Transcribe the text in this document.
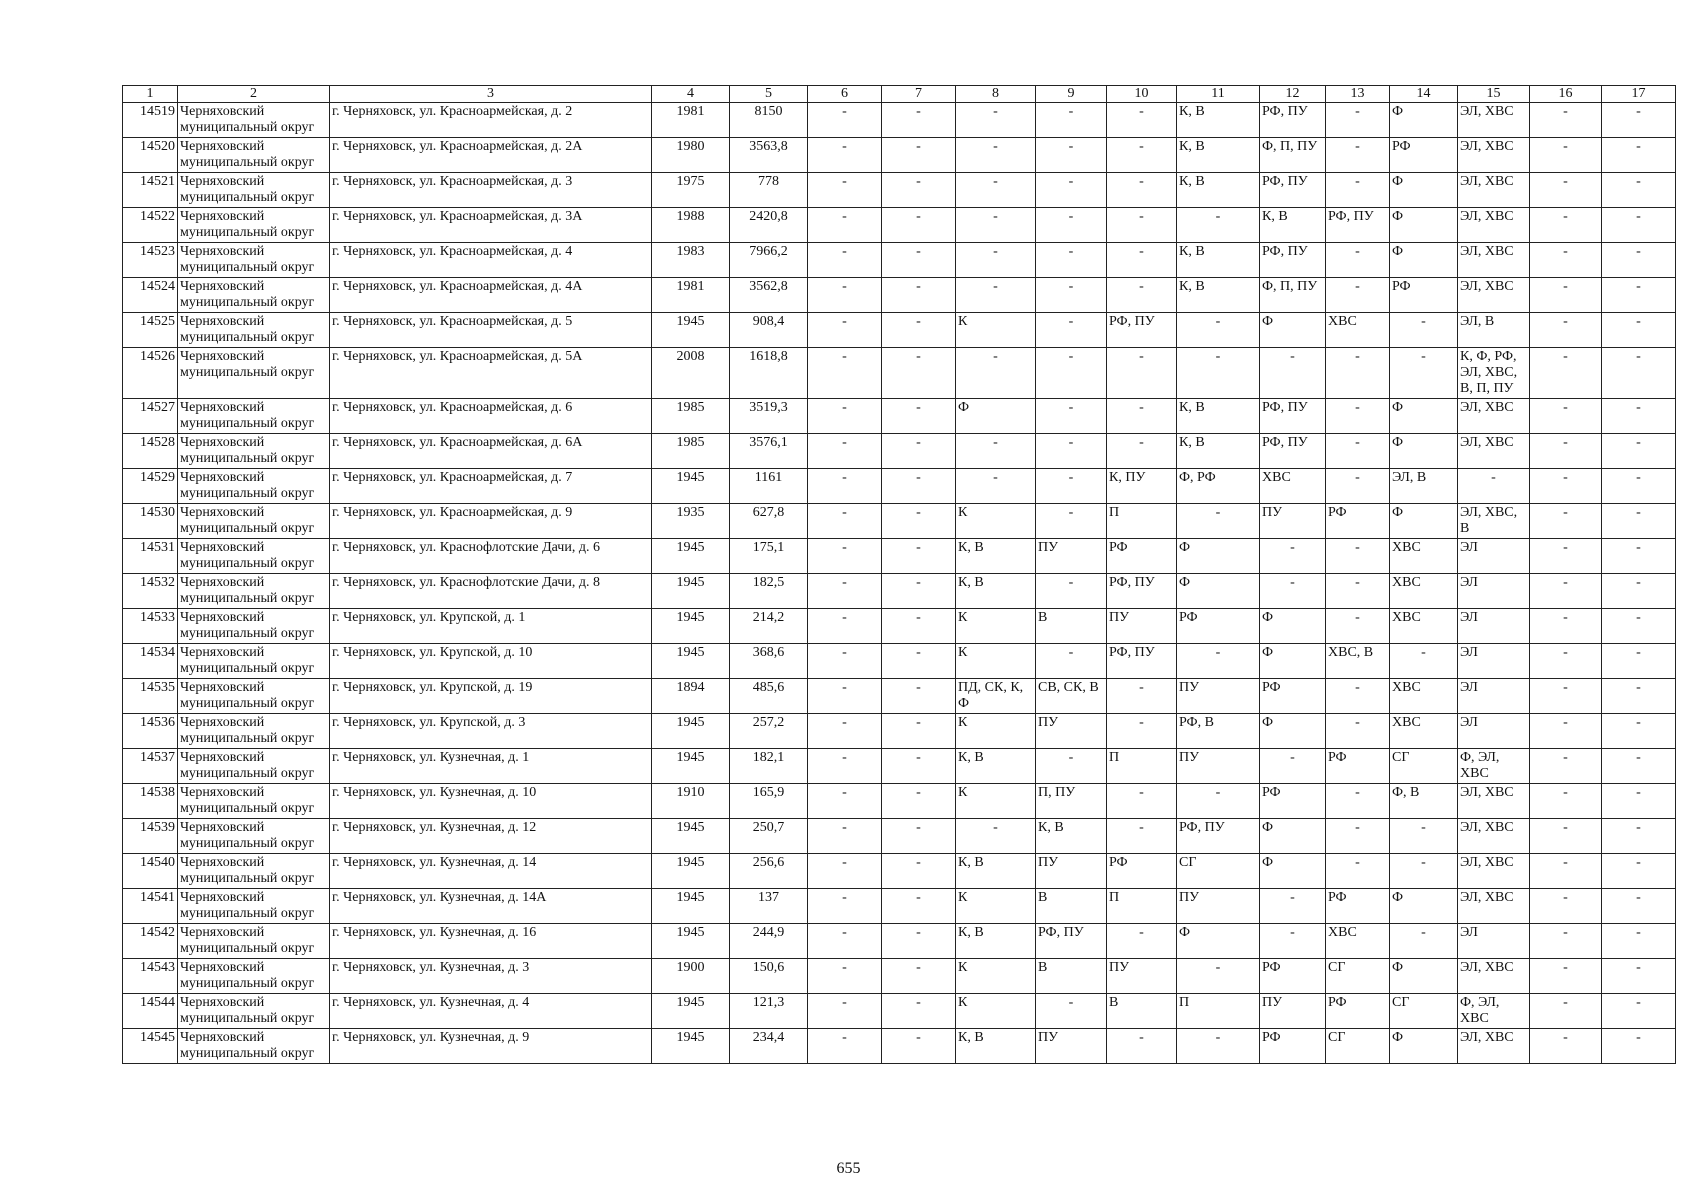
1	2	3	4	5	6	7	8	9	10	11	12	13	14	15	16	17
14519	Черняховский муниципальный округ	г. Черняховск, ул. Красноармейская, д. 2	1981	8150	-	-	-	-	-	К, В	РФ, ПУ	-	Ф	ЭЛ, ХВС	-	-
14520	Черняховский муниципальный округ	г. Черняховск, ул. Красноармейская, д. 2А	1980	3563,8	-	-	-	-	-	К, В	Ф, П, ПУ	-	РФ	ЭЛ, ХВС	-	-
14521	Черняховский муниципальный округ	г. Черняховск, ул. Красноармейская, д. 3	1975	778	-	-	-	-	-	К, В	РФ, ПУ	-	Ф	ЭЛ, ХВС	-	-
14522	Черняховский муниципальный округ	г. Черняховск, ул. Красноармейская, д. 3А	1988	2420,8	-	-	-	-	-	-	К, В	РФ, ПУ	Ф	ЭЛ, ХВС	-	-
14523	Черняховский муниципальный округ	г. Черняховск, ул. Красноармейская, д. 4	1983	7966,2	-	-	-	-	-	К, В	РФ, ПУ	-	Ф	ЭЛ, ХВС	-	-
14524	Черняховский муниципальный округ	г. Черняховск, ул. Красноармейская, д. 4А	1981	3562,8	-	-	-	-	-	К, В	Ф, П, ПУ	-	РФ	ЭЛ, ХВС	-	-
14525	Черняховский муниципальный округ	г. Черняховск, ул. Красноармейская, д. 5	1945	908,4	-	-	К	-	РФ, ПУ	-	Ф	ХВС	-	ЭЛ, В	-	-
14526	Черняховский муниципальный округ	г. Черняховск, ул. Красноармейская, д. 5А	2008	1618,8	-	-	-	-	-	-	-	-	-	К, Ф, РФ, ЭЛ, ХВС, В, П, ПУ	-	-
14527	Черняховский муниципальный округ	г. Черняховск, ул. Красноармейская, д. 6	1985	3519,3	-	-	Ф	-	-	К, В	РФ, ПУ	-	Ф	ЭЛ, ХВС	-	-
14528	Черняховский муниципальный округ	г. Черняховск, ул. Красноармейская, д. 6А	1985	3576,1	-	-	-	-	-	К, В	РФ, ПУ	-	Ф	ЭЛ, ХВС	-	-
14529	Черняховский муниципальный округ	г. Черняховск, ул. Красноармейская, д. 7	1945	1161	-	-	-	-	К, ПУ	Ф, РФ	ХВС	-	ЭЛ, В	-	-	-
14530	Черняховский муниципальный округ	г. Черняховск, ул. Красноармейская, д. 9	1935	627,8	-	-	К	-	П	-	ПУ	РФ	Ф	ЭЛ, ХВС, В	-	-
14531	Черняховский муниципальный округ	г. Черняховск, ул. Краснофлотские Дачи, д. 6	1945	175,1	-	-	К, В	ПУ	РФ	Ф	-	-	ХВС	ЭЛ	-	-
14532	Черняховский муниципальный округ	г. Черняховск, ул. Краснофлотские Дачи, д. 8	1945	182,5	-	-	К, В	-	РФ, ПУ	Ф	-	-	ХВС	ЭЛ	-	-
14533	Черняховский муниципальный округ	г. Черняховск, ул. Крупской, д. 1	1945	214,2	-	-	К	В	ПУ	РФ	Ф	-	ХВС	ЭЛ	-	-
14534	Черняховский муниципальный округ	г. Черняховск, ул. Крупской, д. 10	1945	368,6	-	-	К	-	РФ, ПУ	-	Ф	ХВС, В	-	ЭЛ	-	-
14535	Черняховский муниципальный округ	г. Черняховск, ул. Крупской, д. 19	1894	485,6	-	-	ПД, СК, К, Ф	СВ, СК, В	-	ПУ	РФ	-	ХВС	ЭЛ	-	-
14536	Черняховский муниципальный округ	г. Черняховск, ул. Крупской, д. 3	1945	257,2	-	-	К	ПУ	-	РФ, В	Ф	-	ХВС	ЭЛ	-	-
14537	Черняховский муниципальный округ	г. Черняховск, ул. Кузнечная, д. 1	1945	182,1	-	-	К, В	-	П	ПУ	-	РФ	СГ	Ф, ЭЛ, ХВС	-	-
14538	Черняховский муниципальный округ	г. Черняховск, ул. Кузнечная, д. 10	1910	165,9	-	-	К	П, ПУ	-	-	РФ	-	Ф, В	ЭЛ, ХВС	-	-
14539	Черняховский муниципальный округ	г. Черняховск, ул. Кузнечная, д. 12	1945	250,7	-	-	-	К, В	-	РФ, ПУ	Ф	-	-	ЭЛ, ХВС	-	-
14540	Черняховский муниципальный округ	г. Черняховск, ул. Кузнечная, д. 14	1945	256,6	-	-	К, В	ПУ	РФ	СГ	Ф	-	-	ЭЛ, ХВС	-	-
14541	Черняховский муниципальный округ	г. Черняховск, ул. Кузнечная, д. 14А	1945	137	-	-	К	В	П	ПУ	-	РФ	Ф	ЭЛ, ХВС	-	-
14542	Черняховский муниципальный округ	г. Черняховск, ул. Кузнечная, д. 16	1945	244,9	-	-	К, В	РФ, ПУ	-	Ф	-	ХВС	-	ЭЛ	-	-
14543	Черняховский муниципальный округ	г. Черняховск, ул. Кузнечная, д. 3	1900	150,6	-	-	К	В	ПУ	-	РФ	СГ	Ф	ЭЛ, ХВС	-	-
14544	Черняховский муниципальный округ	г. Черняховск, ул. Кузнечная, д. 4	1945	121,3	-	-	К	-	В	П	ПУ	РФ	СГ	Ф, ЭЛ, ХВС	-	-
14545	Черняховский муниципальный округ	г. Черняховск, ул. Кузнечная, д. 9	1945	234,4	-	-	К, В	ПУ	-	-	РФ	СГ	Ф	ЭЛ, ХВС	-	-
655
